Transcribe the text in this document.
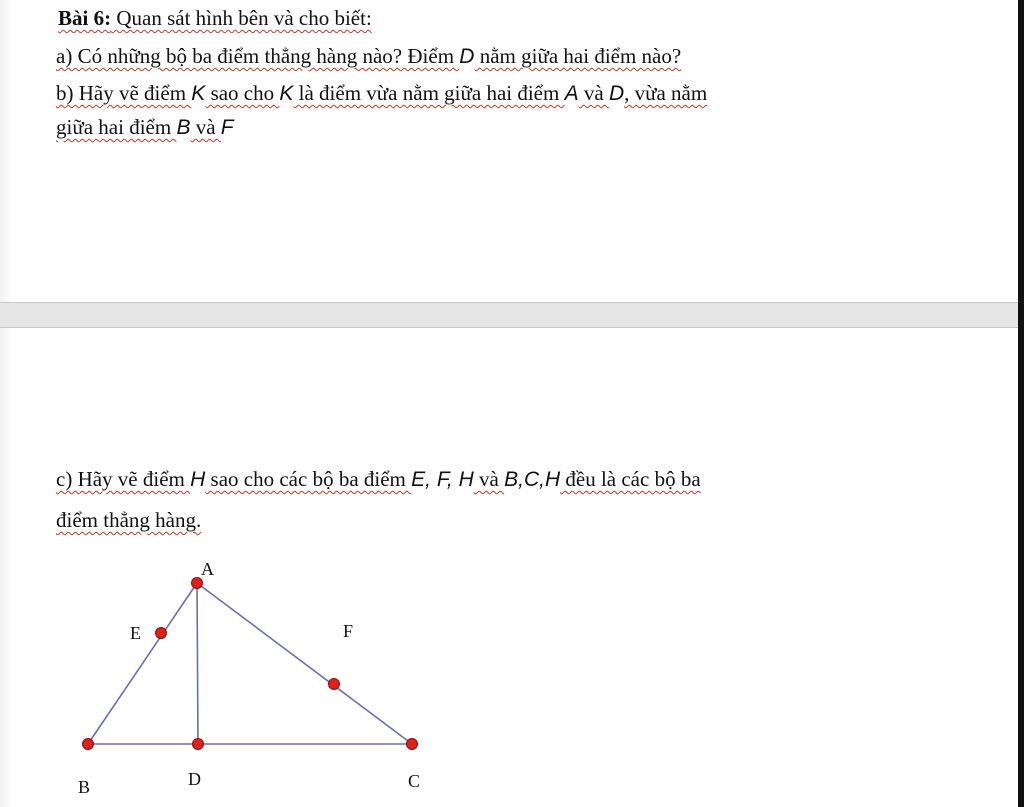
Bài 6: Quan sát hình bên và cho biết:
a) Có những bộ ba điểm thẳng hàng nào? Điểm D nằm giữa hai điểm nào?
b) Hãy vẽ điểm K sao cho K là điểm vừa nằm giữa hai điểm A và D, vừa nằm
giữa hai điểm B và F
c) Hãy vẽ điểm H sao cho các bộ ba điểm E, F, H và B,C,H đều là các bộ ba
điểm thẳng hàng.
A
E	F
B	D	C
